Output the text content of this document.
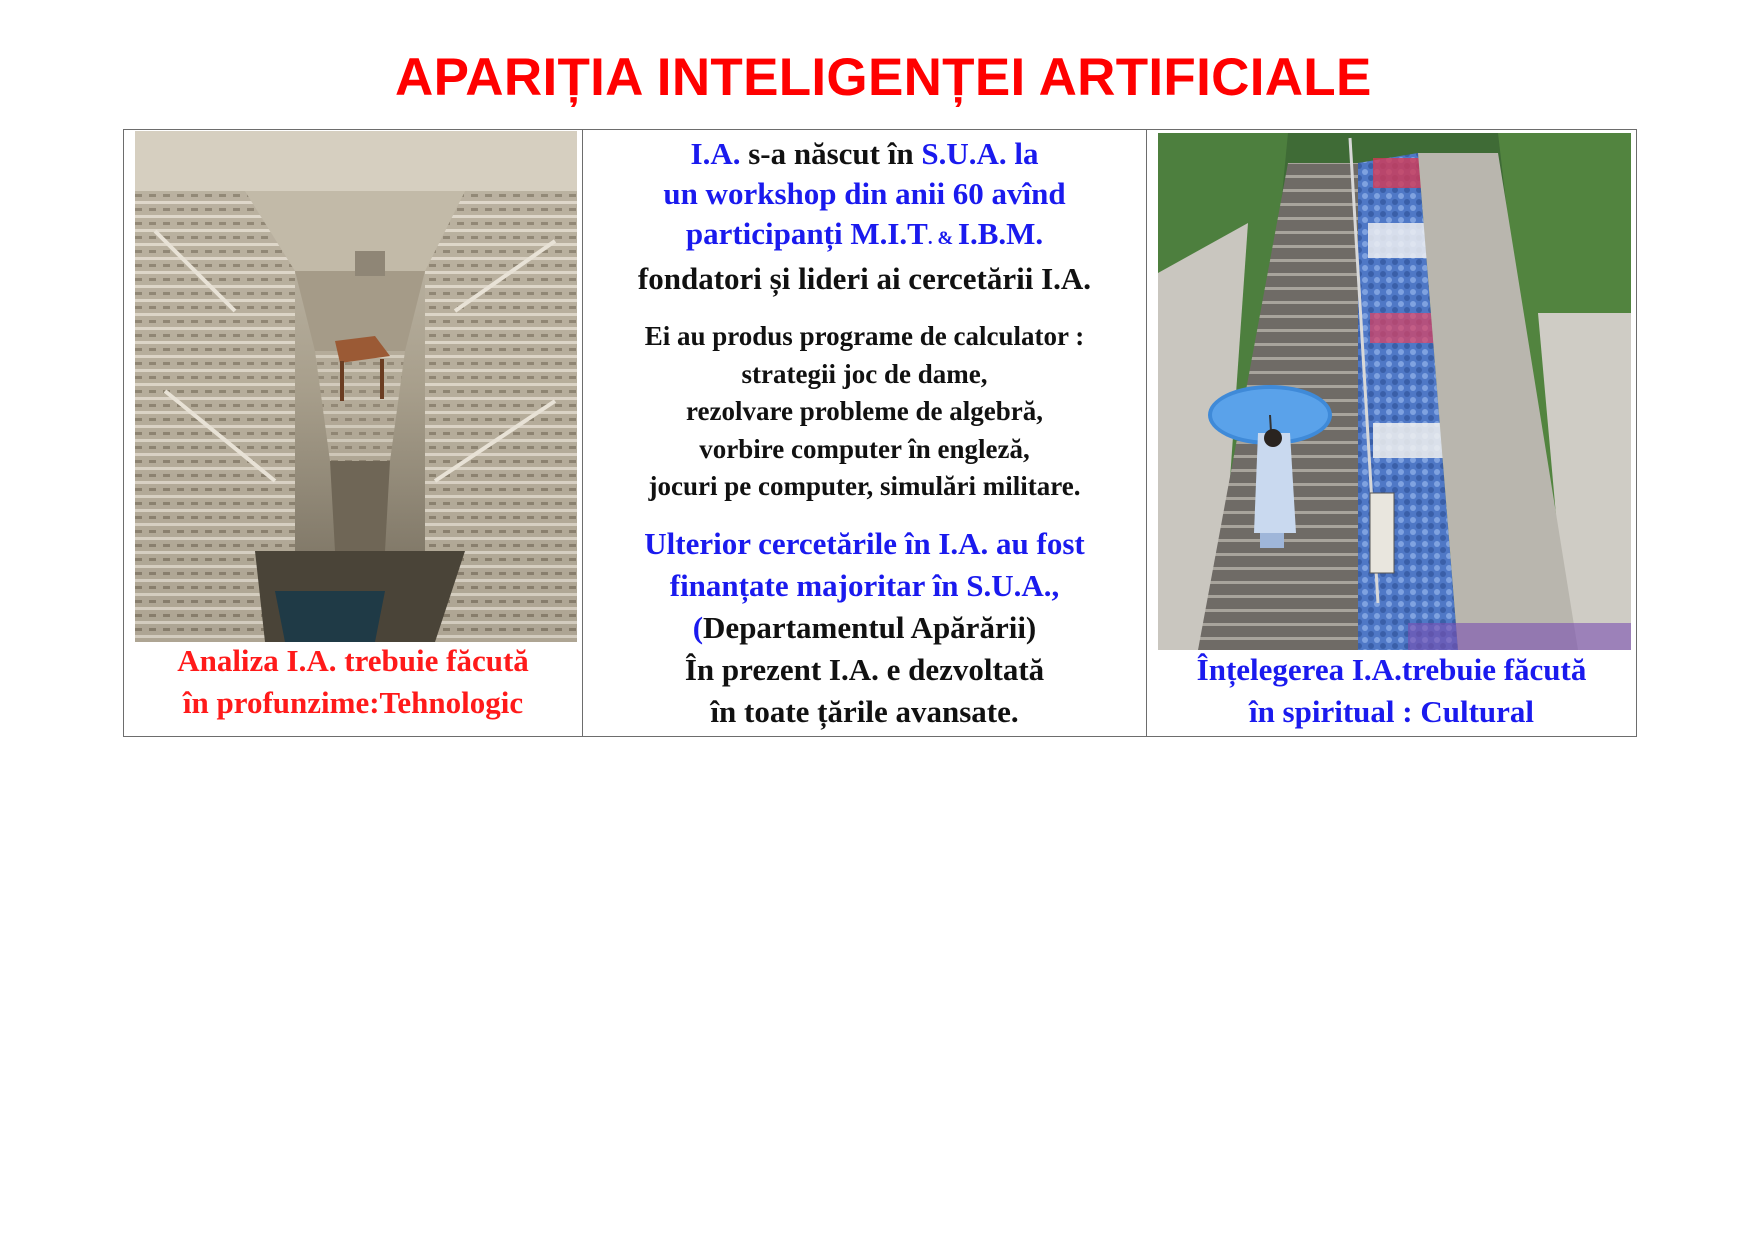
APARIȚIA INTELIGENȚEI ARTIFICIALE
Analiza I.A. trebuie făcută
în profunzime:Tehnologic
I.A. s-a născut în S.U.A. la
un workshop din anii 60 avînd
participanți M.I.T. & I.B.M.
fondatori și lideri ai cercetării I.A.
Ei au produs programe de calculator :
strategii joc de dame,
rezolvare probleme de algebră,
vorbire computer în engleză,
jocuri pe computer, simulări militare.
Ulterior cercetările în I.A. au fost
finanțate majoritar în S.U.A.,
(Departamentul Apărării)
În prezent I.A. e dezvoltată
în toate țările avansate.
Înțelegerea I.A.trebuie făcută
în spiritual : Cultural
